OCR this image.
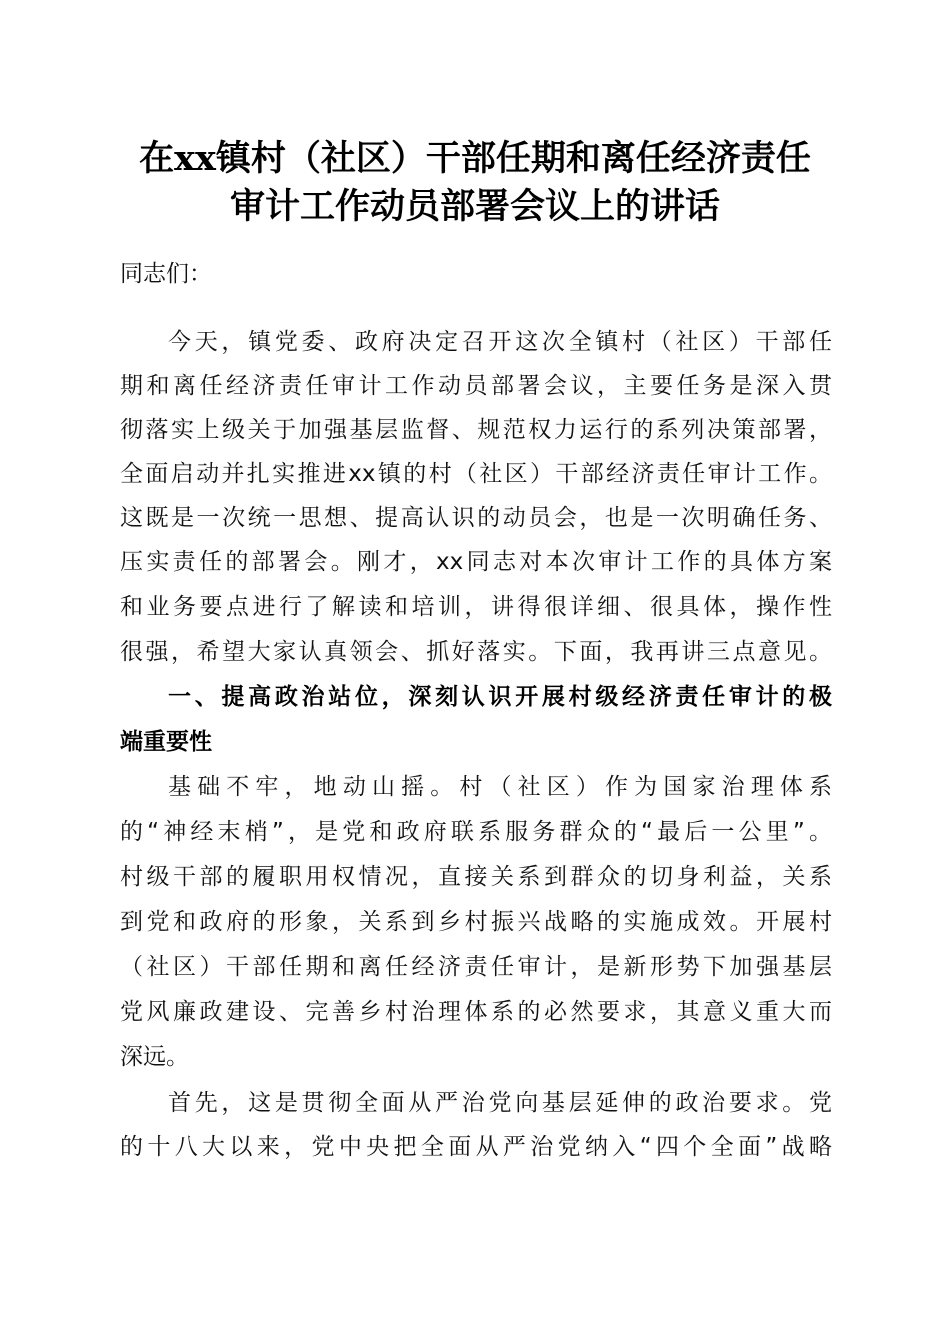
在xx镇村（社区）干部任期和离任经济责任
审计工作动员部署会议上的讲话
同志们：
今天，镇党委、政府决定召开这次全镇村（社区）干部任
期和离任经济责任审计工作动员部署会议，主要任务是深入贯
彻落实上级关于加强基层监督、规范权力运行的系列决策部署，
全面启动并扎实推进xx镇的村（社区）干部经济责任审计工作。
这既是一次统一思想、提高认识的动员会，也是一次明确任务、
压实责任的部署会。刚才，xx同志对本次审计工作的具体方案
和业务要点进行了解读和培训，讲得很详细、很具体，操作性
很强，希望大家认真领会、抓好落实。下面，我再讲三点意见。
一、提高政治站位，深刻认识开展村级经济责任审计的极
端重要性
基础不牢，地动山摇。村（社区）作为国家治理体系
的“神经末梢”，是党和政府联系服务群众的“最后一公里”。
村级干部的履职用权情况，直接关系到群众的切身利益，关系
到党和政府的形象，关系到乡村振兴战略的实施成效。开展村
（社区）干部任期和离任经济责任审计，是新形势下加强基层
党风廉政建设、完善乡村治理体系的必然要求，其意义重大而
深远。
首先，这是贯彻全面从严治党向基层延伸的政治要求。党
的十八大以来，党中央把全面从严治党纳入“四个全面”战略
